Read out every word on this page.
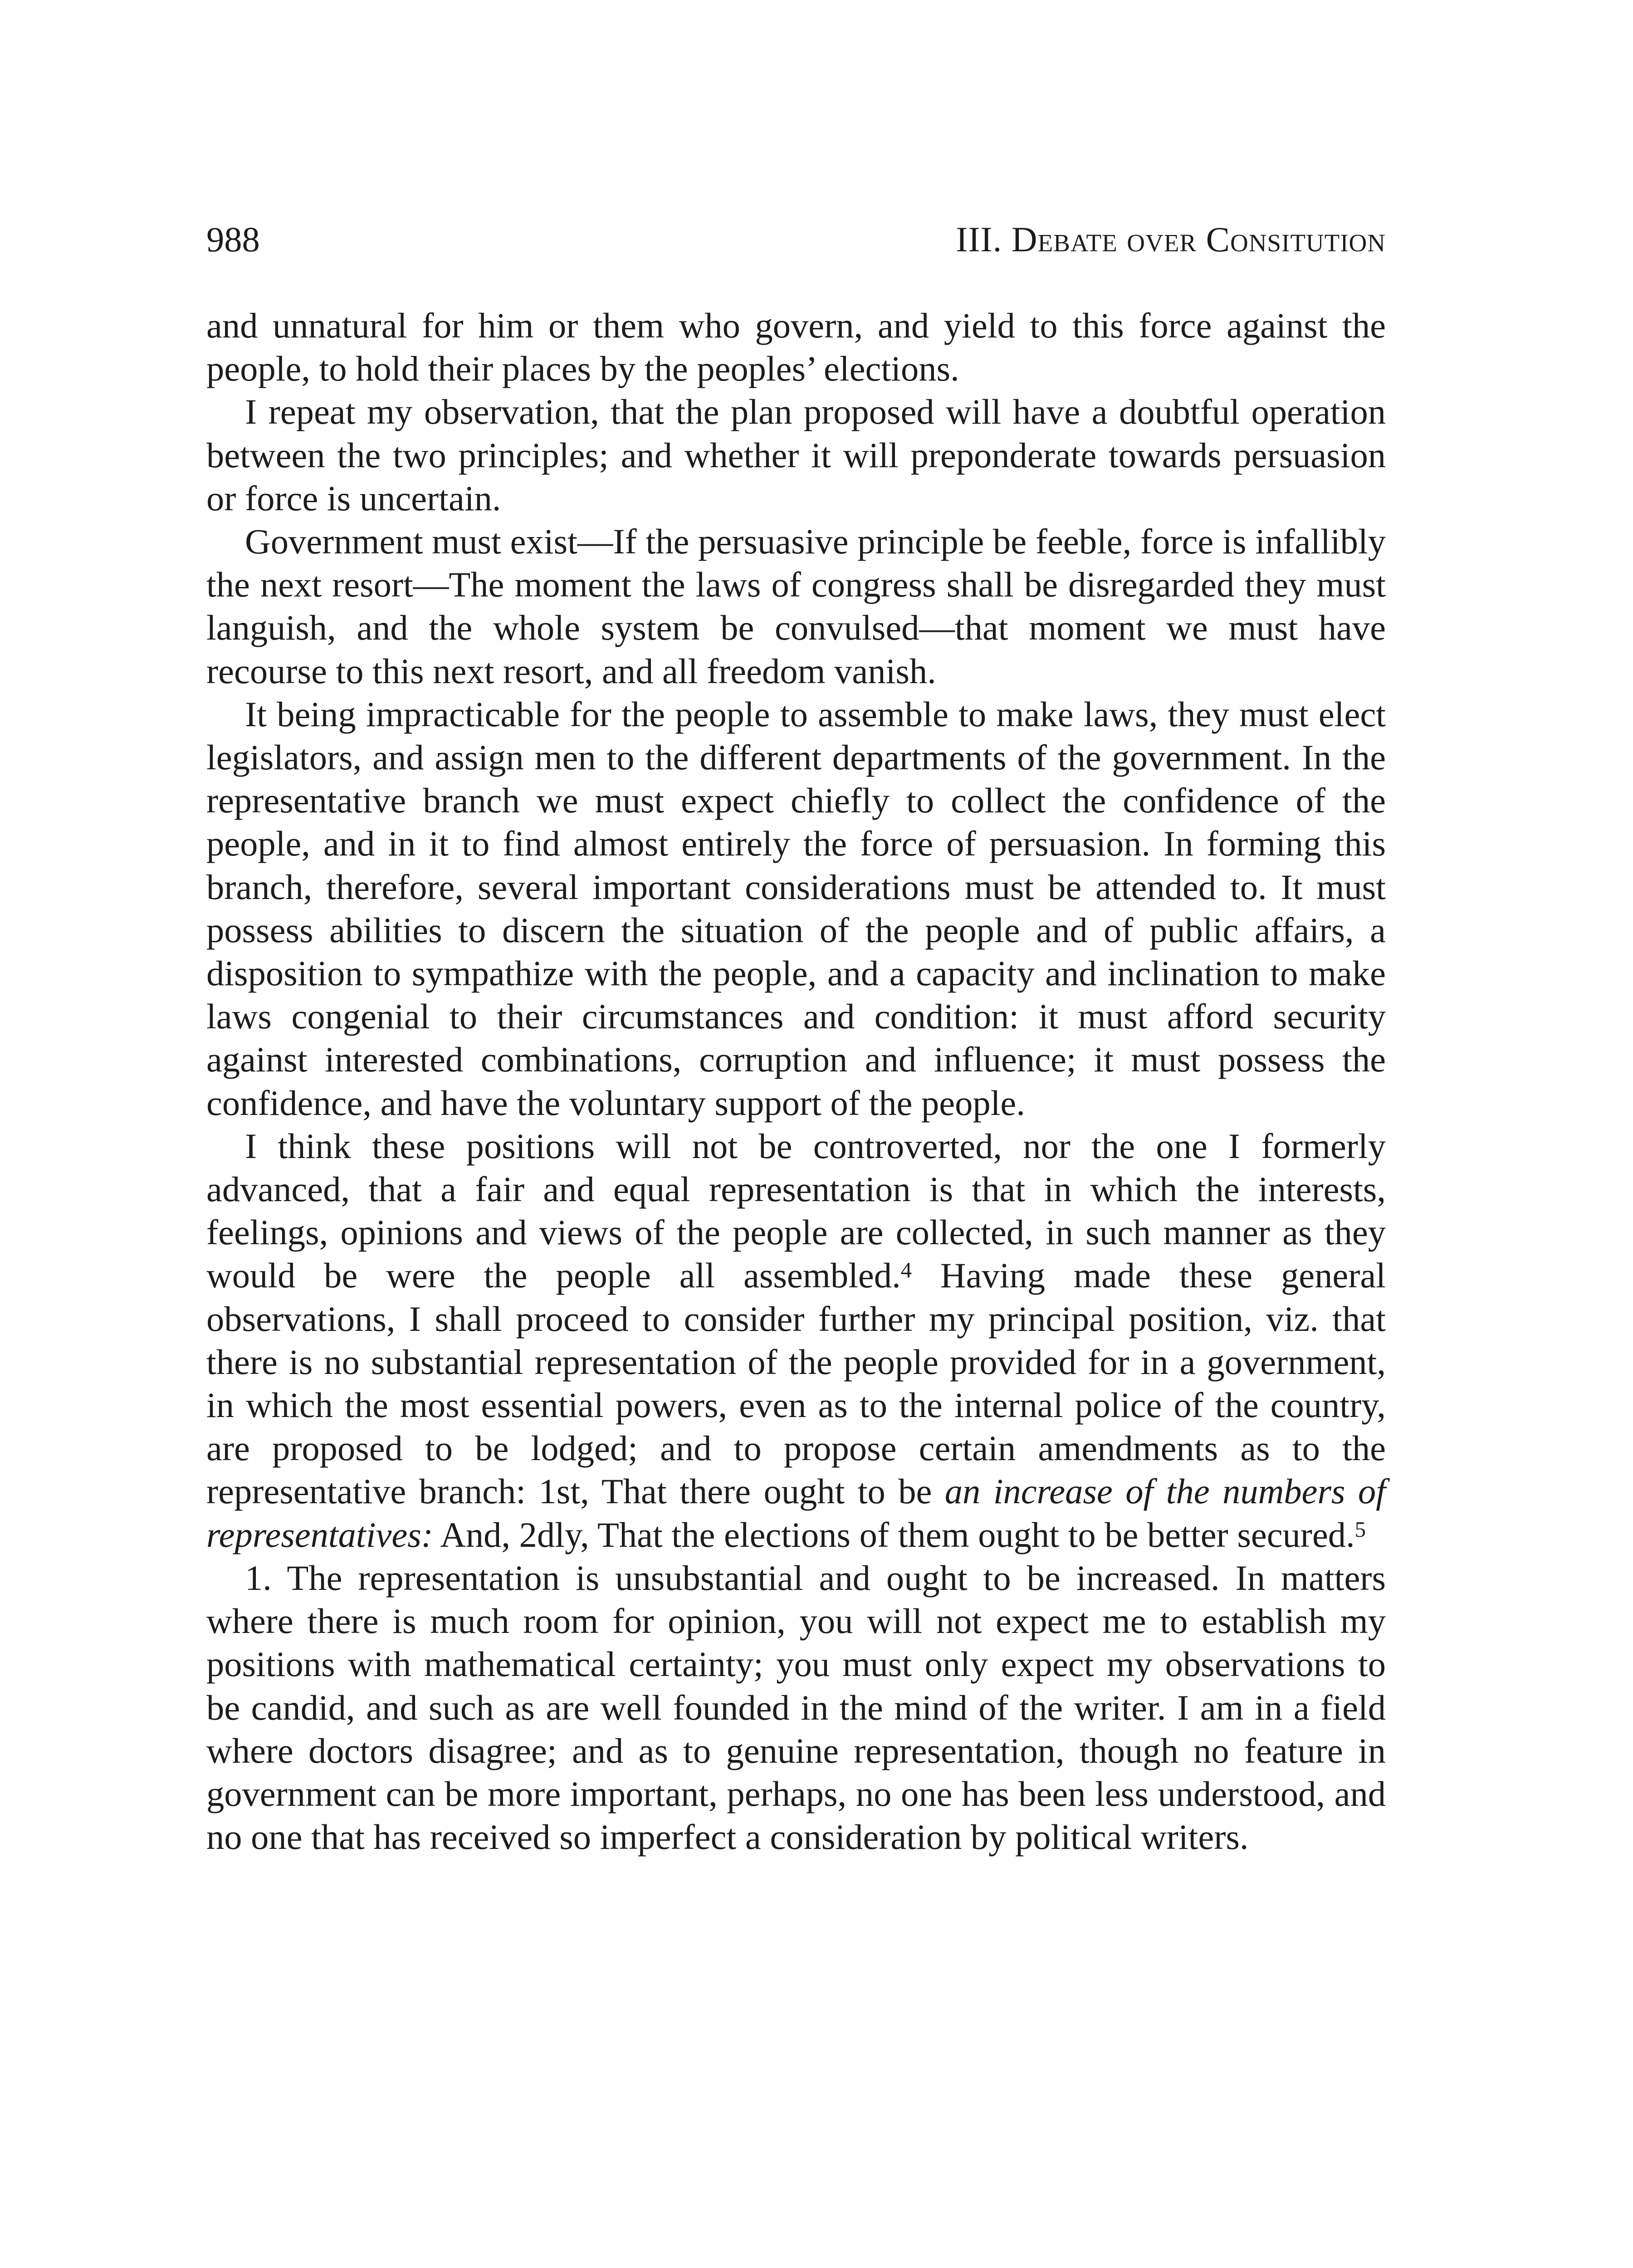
988	III. Debate over Consitution

and unnatural for him or them who govern, and yield to this force against the people, to hold their places by the peoples’ elections.

I repeat my observation, that the plan proposed will have a doubtful operation between the two principles; and whether it will preponderate towards persuasion or force is uncertain.

Government must exist—If the persuasive principle be feeble, force is infallibly the next resort—The moment the laws of congress shall be disregarded they must languish, and the whole system be convulsed—that moment we must have recourse to this next resort, and all freedom vanish.

It being impracticable for the people to assemble to make laws, they must elect legislators, and assign men to the different departments of the government. In the representative branch we must expect chiefly to collect the confidence of the people, and in it to find almost entirely the force of persuasion. In forming this branch, therefore, several important considerations must be attended to. It must possess abilities to discern the situation of the people and of public affairs, a disposition to sympathize with the people, and a capacity and inclination to make laws congenial to their circumstances and condition: it must afford security against interested combinations, corruption and influence; it must possess the confidence, and have the voluntary support of the people.

I think these positions will not be controverted, nor the one I formerly advanced, that a fair and equal representation is that in which the interests, feelings, opinions and views of the people are collected, in such manner as they would be were the people all assembled.$^4$ Having made these general observations, I shall proceed to consider further my principal position, viz. that there is no substantial representation of the people provided for in a government, in which the most essential powers, even as to the internal police of the country, are proposed to be lodged; and to propose certain amendments as to the representative branch: 1st, That there ought to be an increase of the numbers of representatives: And, 2dly, That the elections of them ought to be better secured.$^5$

1. The representation is unsubstantial and ought to be increased. In matters where there is much room for opinion, you will not expect me to establish my positions with mathematical certainty; you must only expect my observations to be candid, and such as are well founded in the mind of the writer. I am in a field where doctors disagree; and as to genuine representation, though no feature in government can be more important, perhaps, no one has been less understood, and no one that has received so imperfect a consideration by political writers.
